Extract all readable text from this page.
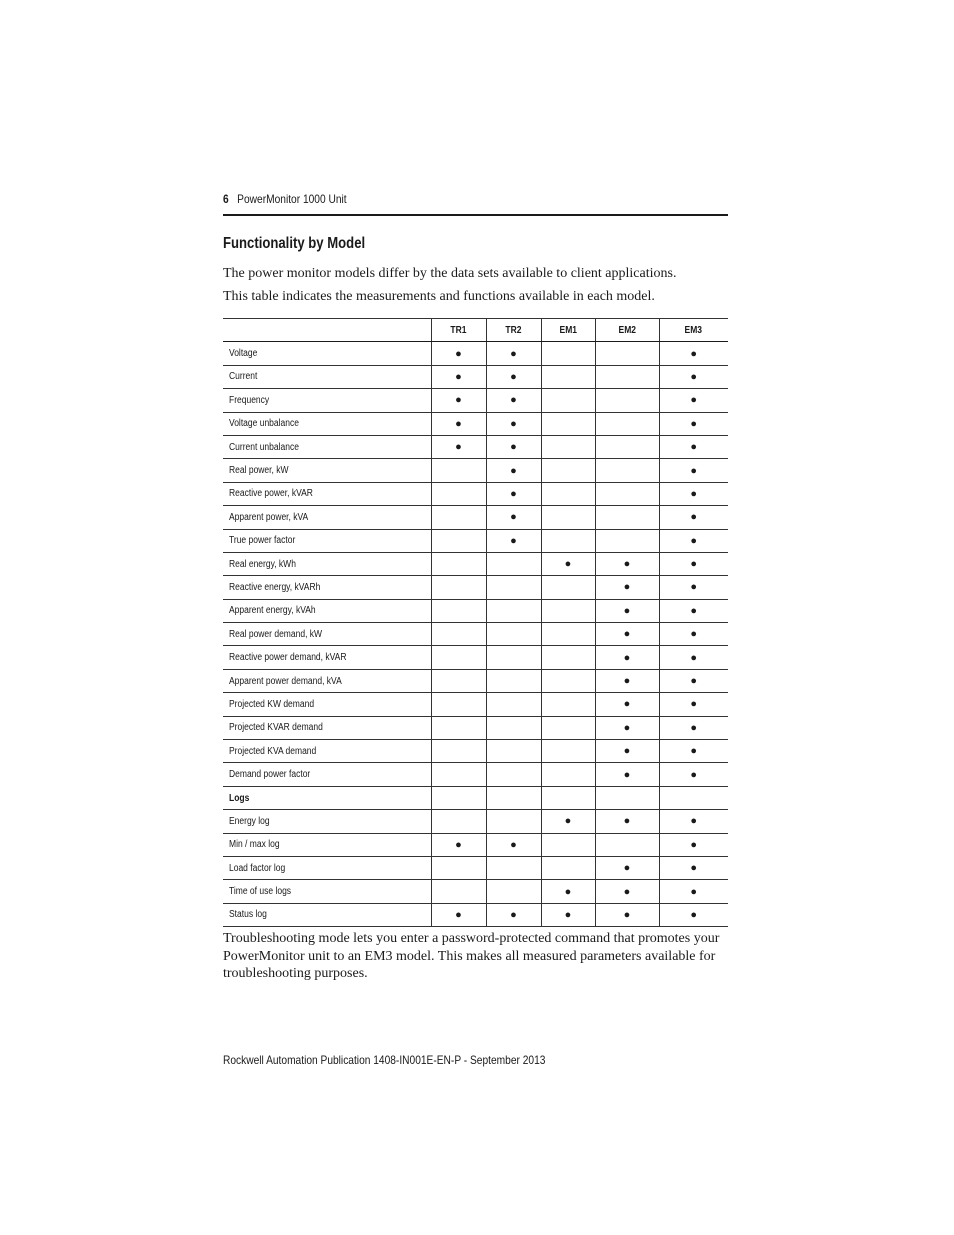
6 PowerMonitor 1000 Unit
Functionality by Model
The power monitor models differ by the data sets available to client applications.
This table indicates the measurements and functions available in each model.
	TR1	TR2	EM1	EM2	EM3
Voltage	●	●			●
Current	●	●			●
Frequency	●	●			●
Voltage unbalance	●	●			●
Current unbalance	●	●			●
Real power, kW		●			●
Reactive power, kVAR		●			●
Apparent power, kVA		●			●
True power factor		●			●
Real energy, kWh			●	●	●
Reactive energy, kVARh				●	●
Apparent energy, kVAh				●	●
Real power demand, kW				●	●
Reactive power demand, kVAR				●	●
Apparent power demand, kVA				●	●
Projected KW demand				●	●
Projected KVAR demand				●	●
Projected KVA demand				●	●
Demand power factor				●	●
Logs					
Energy log			●	●	●
Min / max log	●	●			●
Load factor log				●	●
Time of use logs			●	●	●
Status log	●	●	●	●	●
Troubleshooting mode lets you enter a password-protected command that promotes your PowerMonitor unit to an EM3 model. This makes all measured parameters available for troubleshooting purposes.
Rockwell Automation Publication 1408-IN001E-EN-P - September 2013
